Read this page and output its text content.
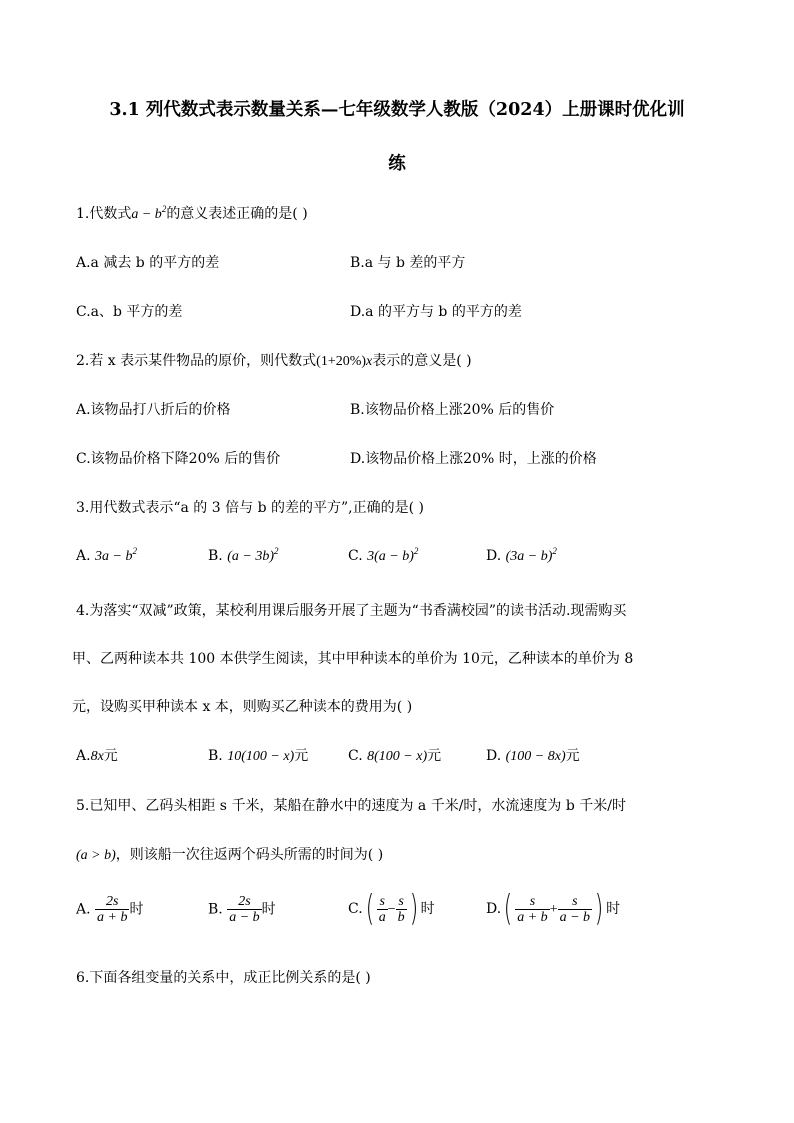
3.1 列代数式表示数量关系—七年级数学人教版（2024）上册课时优化训
练
1.代数式$a - b^2$的意义表述正确的是( )
A.a 减去 b 的平方的差	B.a 与 b 差的平方
C.a、b 平方的差	D.a 的平方与 b 的平方的差
2.若 x 表示某件物品的原价，则代数式(1+20%)x表示的意义是( )
A.该物品打八折后的价格	B.该物品价格上涨20% 后的售价
C.该物品价格下降20% 后的售价	D.该物品价格上涨20% 时，上涨的价格
3.用代数式表示“a 的 3 倍与 b 的差的平方”,正确的是( )
A. $3a - b^2$	B. $(a - 3b)^2$	C. $3(a - b)^2$	D. $(3a - b)^2$
4.为落实“双减”政策，某校利用课后服务开展了主题为“书香满校园”的读书活动.现需购买
甲、乙两种读本共 100 本供学生阅读，其中甲种读本的单价为 10元，乙种读本的单价为 8
元，设购买甲种读本 x 本，则购买乙种读本的费用为( )
A.8x元	B. 10(100 − x)元	C. 8(100 − x)元	D. (100 − 8x)元
5.已知甲、乙码头相距 s 千米，某船在静水中的速度为 a 千米/时，水流速度为 b 千米/时
(a > b)，则该船一次往返两个码头所需的时间为( )
A. $\frac{2s}{a + b}$ 时	B. $\frac{2s}{a - b}$ 时	$C.( \frac{s}{a} - \frac{s}{b}$ ) 时	$D.( \frac{s}{a + b} + \frac{s}{a - b}$ ) 时
6.下面各组变量的关系中，成正比例关系的是( )
